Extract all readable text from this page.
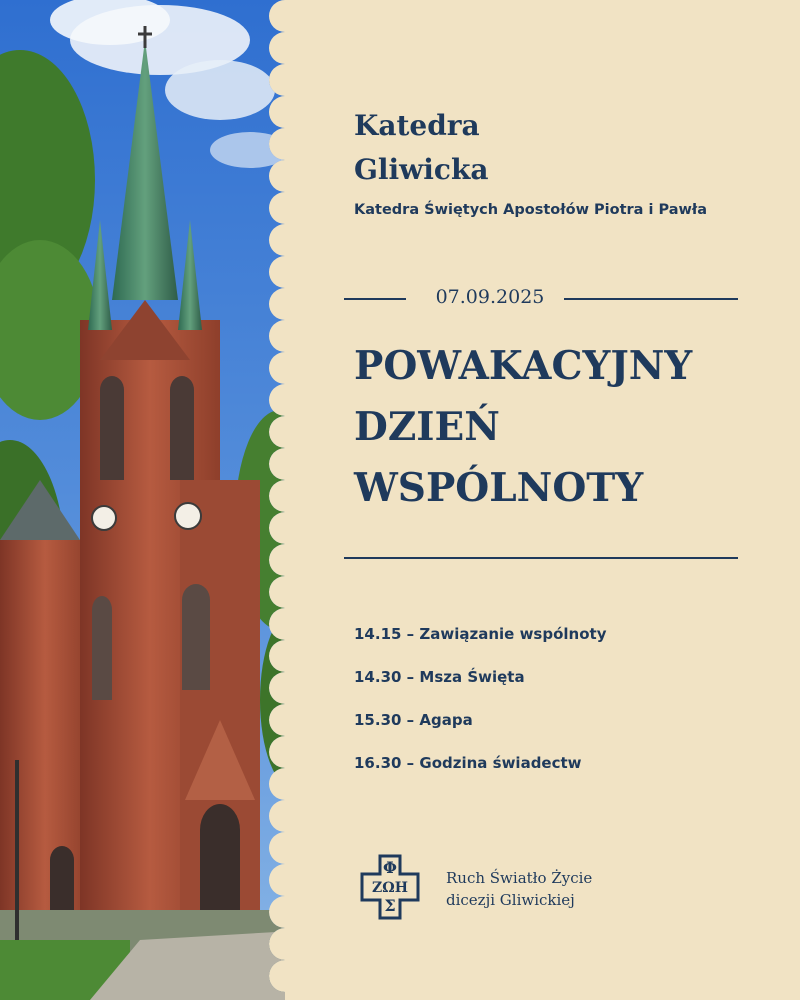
Katedra
Gliwicka
Katedra Świętych Apostołów Piotra i Pawła
07.09.2025
POWAKACYJNY
DZIEŃ
WSPÓLNOTY
14.15 – Zawiązanie wspólnoty
14.30 – Msza Święta
15.30 – Agapa
16.30 – Godzina świadectw
Φ
ΖΩΗ
Σ
Ruch Światło Życie
dicezji Gliwickiej
